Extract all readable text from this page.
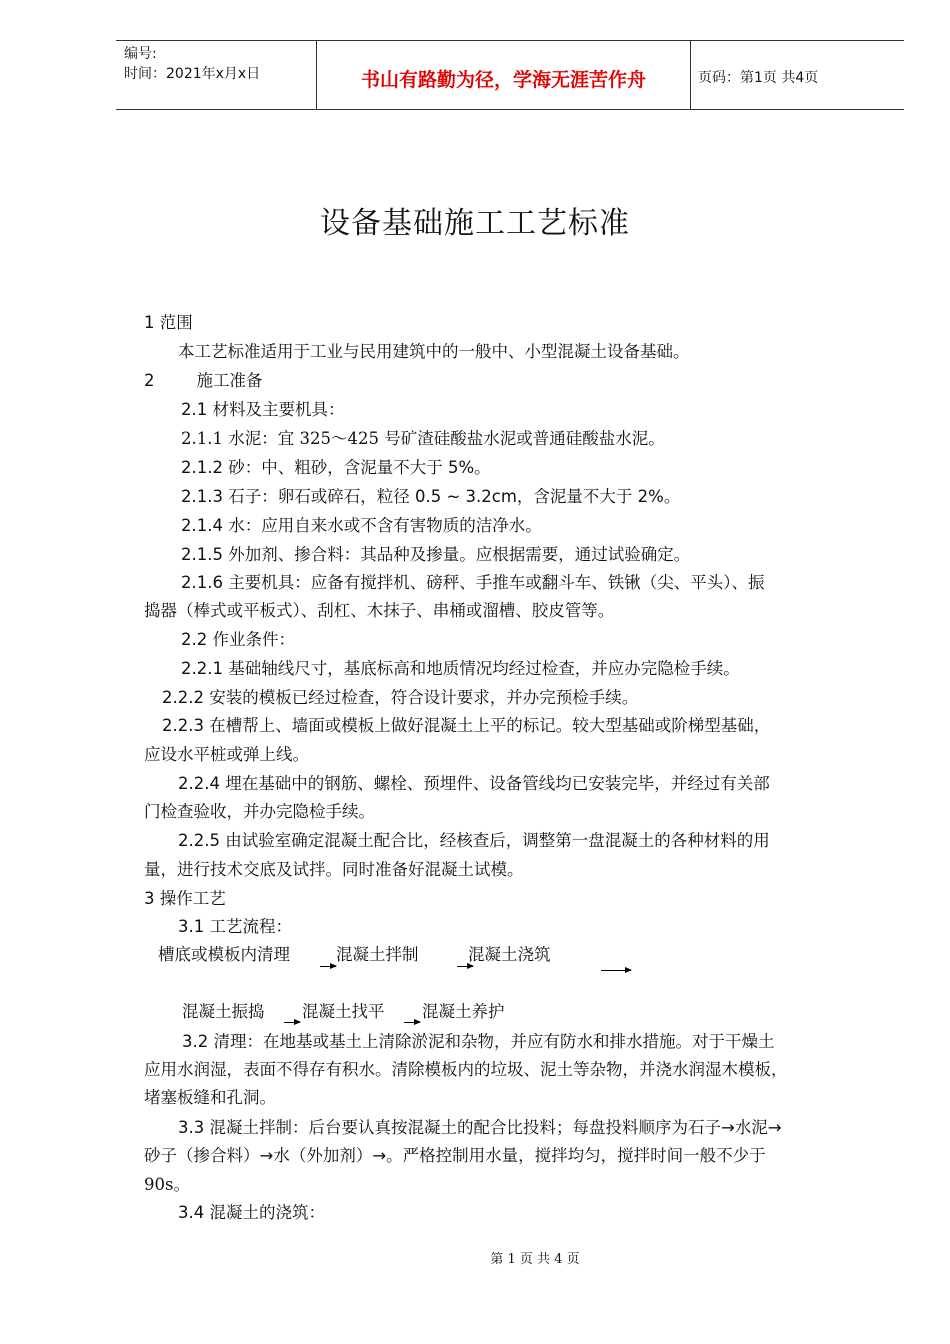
编号:
时间：2021年x月x日	书山有路勤为径，学海无涯苦作舟	页码：第1页 共4页
设备基础施工工艺标准
1 范围
本工艺标准适用于工业与民用建筑中的一般中、小型混凝土设备基础。
2        施工准备
2.1 材料及主要机具：
2.1.1 水泥：宜 325～425 号矿渣硅酸盐水泥或普通硅酸盐水泥。
2.1.2 砂：中、粗砂，含泥量不大于 5%。
2.1.3 石子：卵石或碎石，粒径 0.5 ~ 3.2cm，含泥量不大于 2%。
2.1.4 水：应用自来水或不含有害物质的洁净水。
2.1.5 外加剂、掺合料：其品种及掺量。应根据需要，通过试验确定。
2.1.6 主要机具：应备有搅拌机、磅秤、手推车或翻斗车、铁锹（尖、平头）、振
捣器（棒式或平板式）、刮杠、木抹子、串桶或溜槽、胶皮管等。
2.2 作业条件：
2.2.1 基础轴线尺寸，基底标高和地质情况均经过检查，并应办完隐检手续。
2.2.2 安装的模板已经过检查，符合设计要求，并办完预检手续。
2.2.3 在槽帮上、墙面或模板上做好混凝土上平的标记。较大型基础或阶梯型基础，
应设水平桩或弹上线。
2.2.4 埋在基础中的钢筋、螺栓、预埋件、设备管线均已安装完毕，并经过有关部
门检查验收，并办完隐检手续。
2.2.5 由试验室确定混凝土配合比，经核查后，调整第一盘混凝土的各种材料的用
量，进行技术交底及试拌。同时准备好混凝土试模。
3 操作工艺
3.1 工艺流程：
槽底或模板内清理	混凝土拌制	混凝土浇筑
混凝土振捣 混凝土找平 混凝土养护
3.2 清理：在地基或基土上清除淤泥和杂物，并应有防水和排水措施。对于干燥土
应用水润湿，表面不得存有积水。清除模板内的垃圾、泥土等杂物，并浇水润湿木模板，
堵塞板缝和孔洞。
3.3 混凝土拌制：后台要认真按混凝土的配合比投料；每盘投料顺序为石子→水泥→
砂子（掺合料）→水（外加剂）→。严格控制用水量，搅拌均匀，搅拌时间一般不少于
90s。
3.4 混凝土的浇筑：
第 1 页 共 4 页
